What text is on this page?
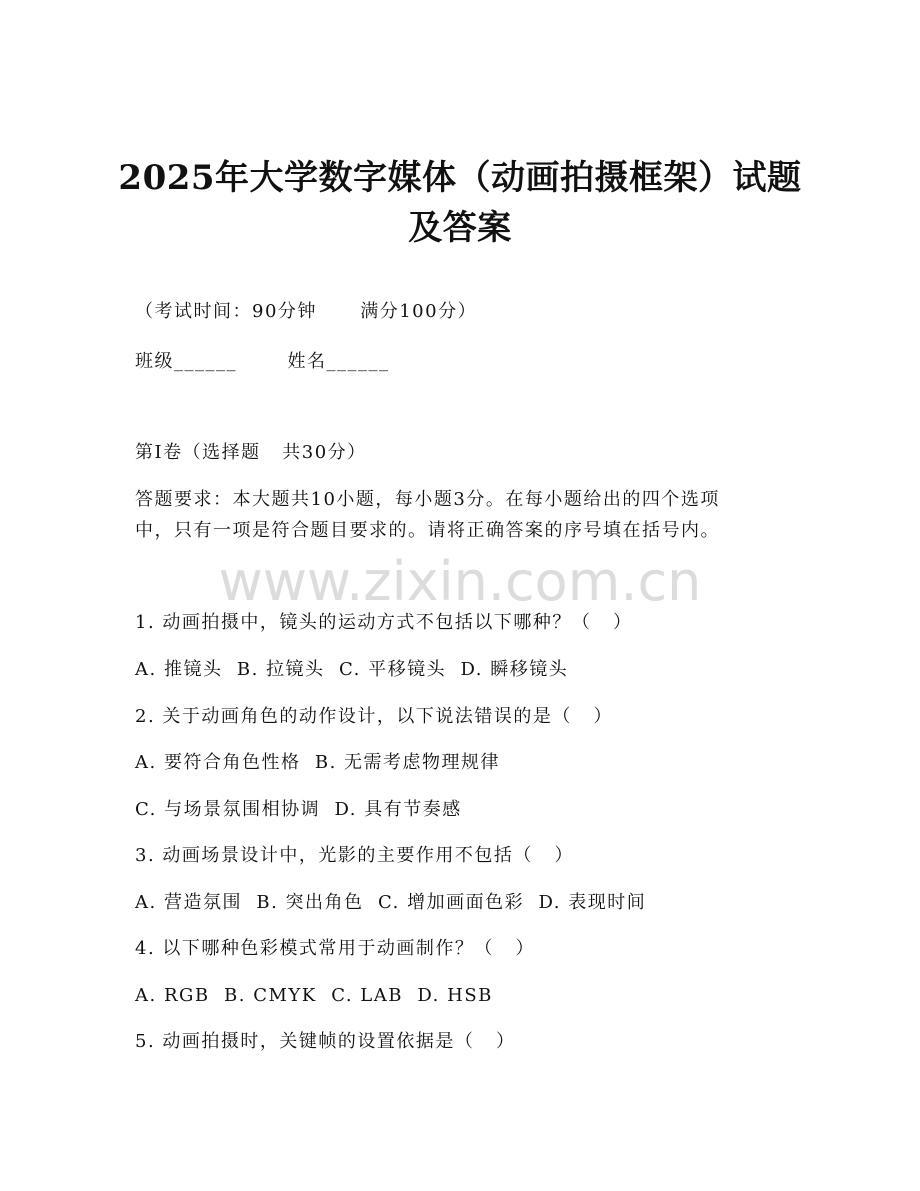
2025年大学数字媒体（动画拍摄框架）试题
及答案
（考试时间：90分钟      满分100分）
班级______       姓名______
第I卷（选择题   共30分）
答题要求：本大题共10小题，每小题3分。在每小题给出的四个选项
中，只有一项是符合题目要求的。请将正确答案的序号填在括号内。
www.zixin.com.cn
1. 动画拍摄中，镜头的运动方式不包括以下哪种？（   ）
A. 推镜头  B. 拉镜头  C. 平移镜头  D. 瞬移镜头
2. 关于动画角色的动作设计，以下说法错误的是（   ）
A. 要符合角色性格  B. 无需考虑物理规律
C. 与场景氛围相协调  D. 具有节奏感
3. 动画场景设计中，光影的主要作用不包括（   ）
A. 营造氛围  B. 突出角色  C. 增加画面色彩  D. 表现时间
4. 以下哪种色彩模式常用于动画制作？（   ）
A. RGB  B. CMYK  C. LAB  D. HSB
5. 动画拍摄时，关键帧的设置依据是（   ）
